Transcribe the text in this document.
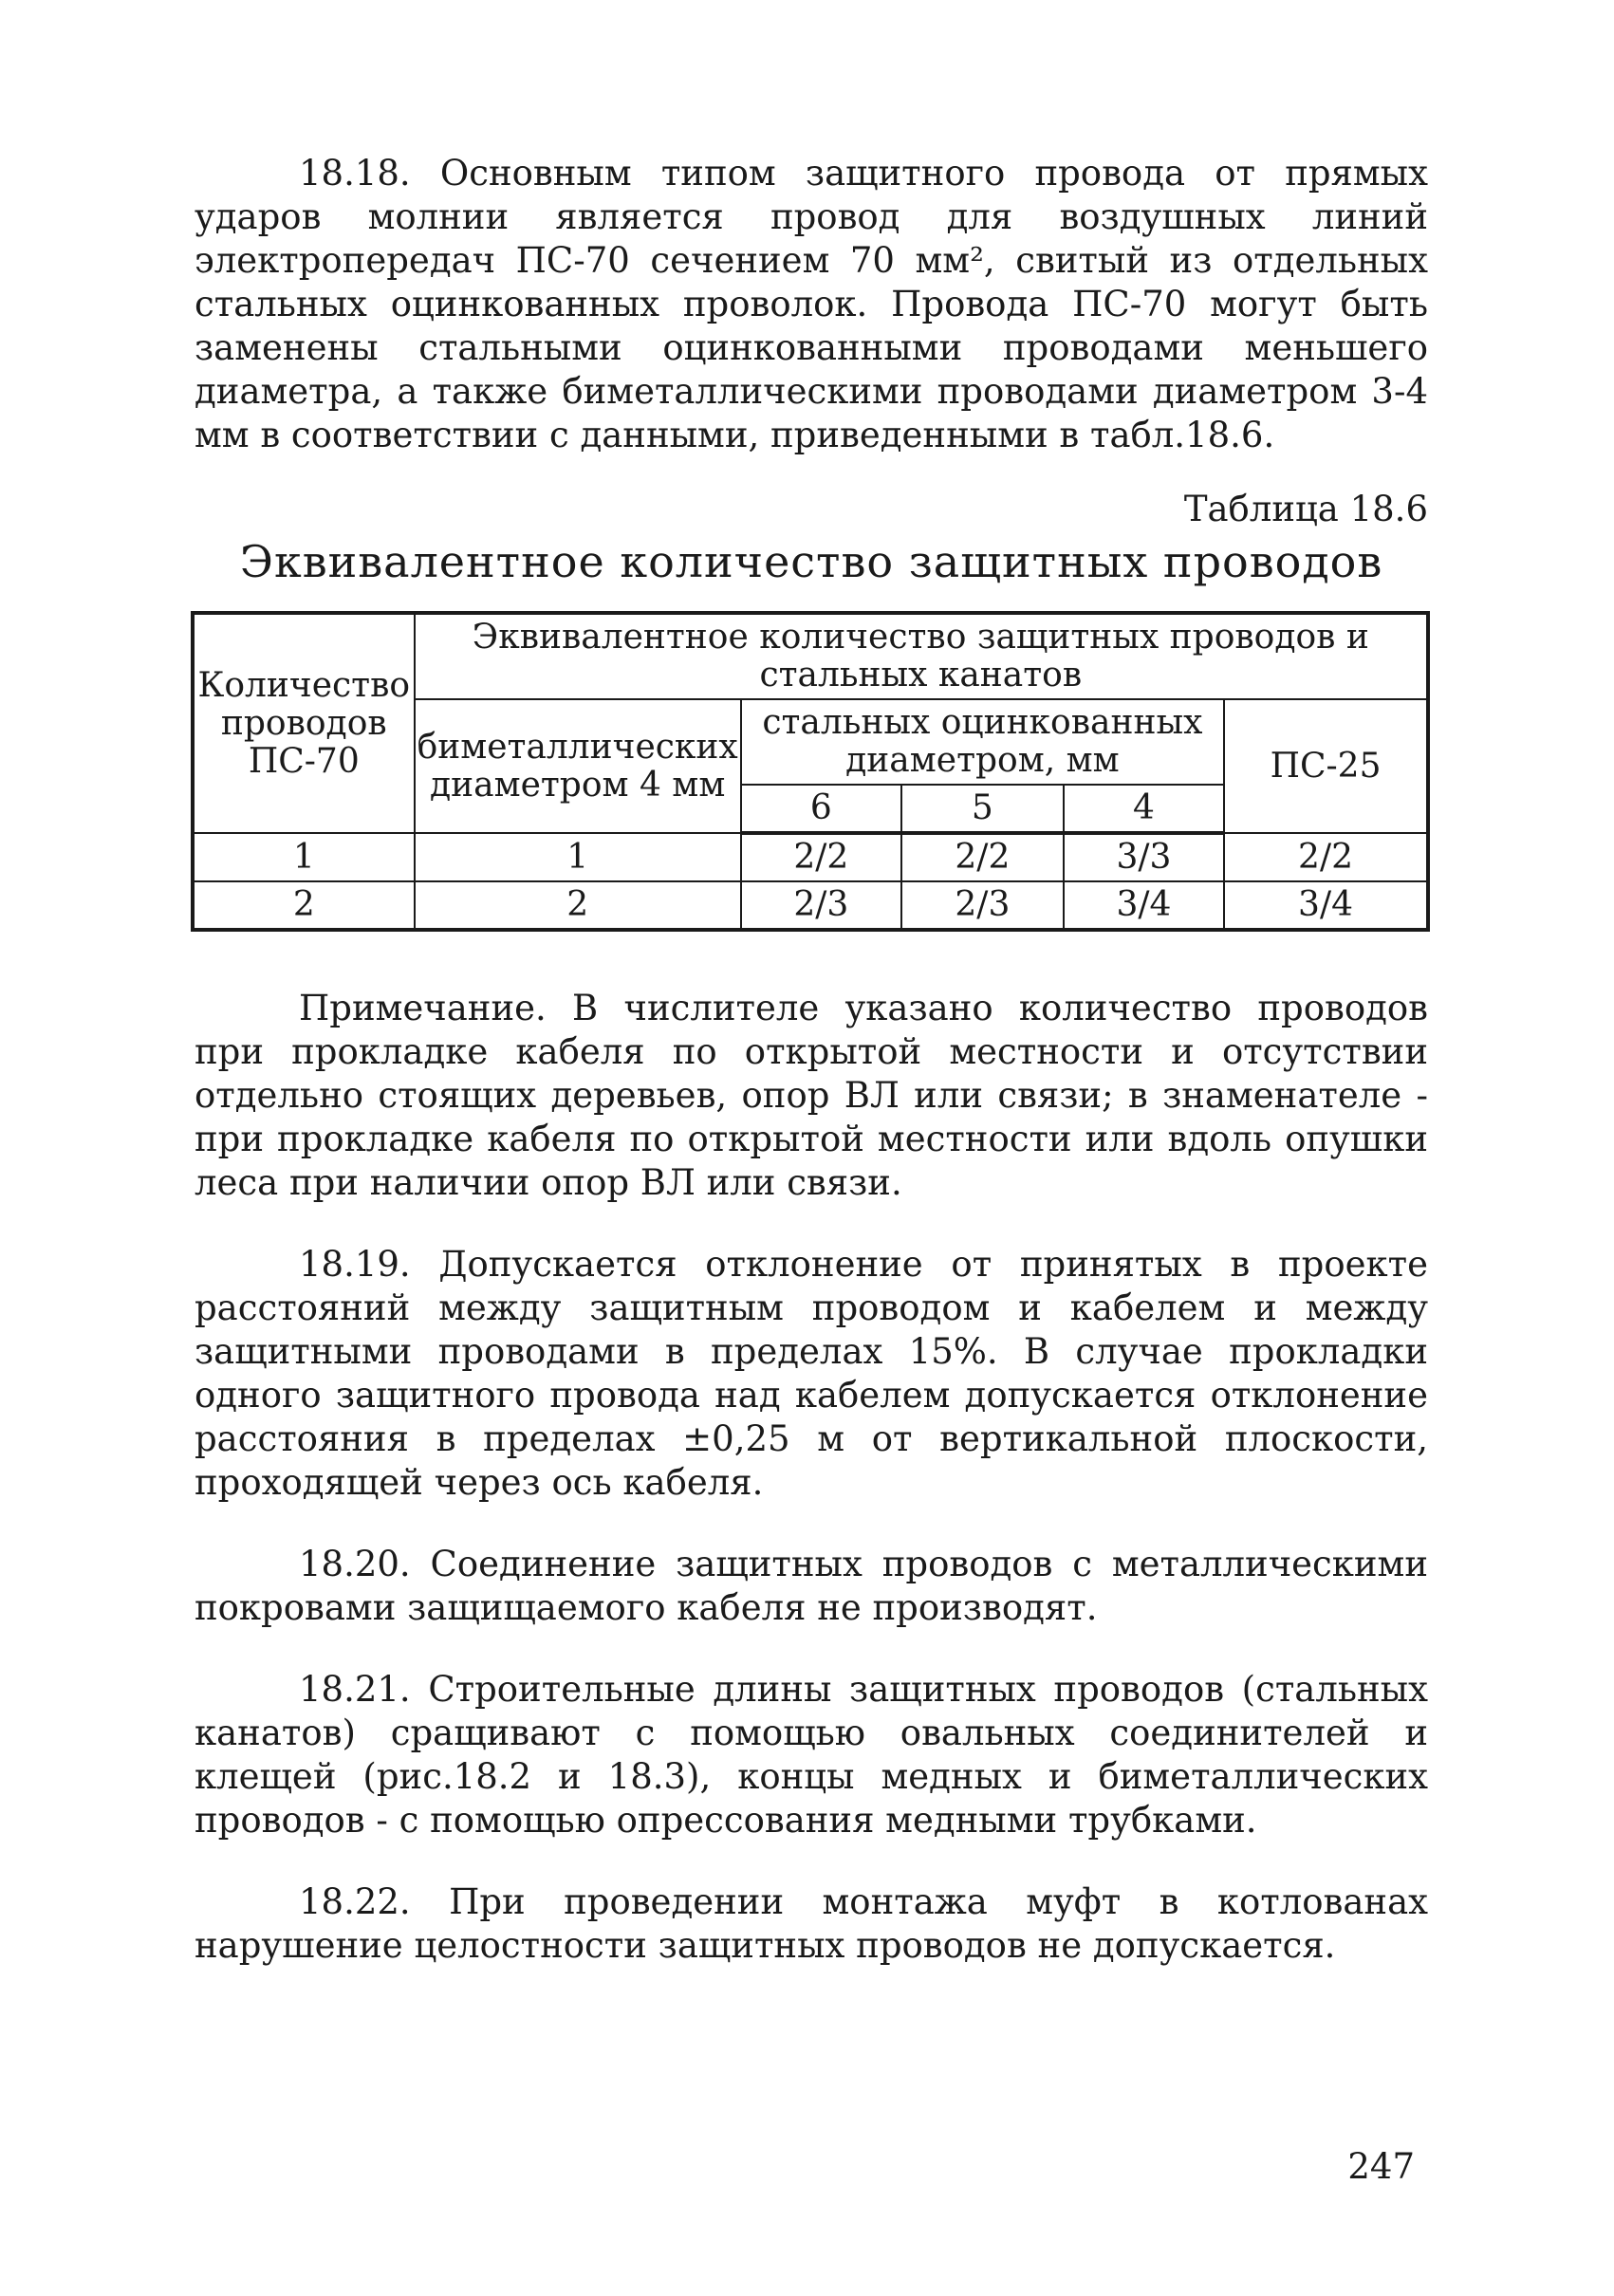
18.18. Основным типом защитного провода от прямых ударов молнии является провод для воздушных линий электропередач ПС-70 сечением 70 мм², свитый из отдельных стальных оцинкованных проволок. Провода ПС-70 могут быть заменены стальными оцинкованными проводами меньшего диаметра, а также биметаллическими проводами диаметром 3-4 мм в соответствии с данными, приведенными в табл.18.6.

Таблица 18.6
Эквивалентное количество защитных проводов
Количество проводов ПС-70	Эквивалентное количество защитных проводов и стальных канатов				
	биметаллических диаметром 4 мм	стальных оцинкованных диаметром, мм			ПС-25
		6	5	4	
1	1	2/2	2/2	3/3	2/2
2	2	2/3	2/3	3/4	3/4

Примечание. В числителе указано количество проводов при прокладке кабеля по открытой местности и отсутствии отдельно стоящих деревьев, опор ВЛ или связи; в знаменателе - при прокладке кабеля по открытой местности или вдоль опушки леса при наличии опор ВЛ или связи.

18.19. Допускается отклонение от принятых в проекте расстояний между защитным проводом и кабелем и между защитными проводами в пределах 15%. В случае прокладки одного защитного провода над кабелем допускается отклонение расстояния в пределах ±0,25 м от вертикальной плоскости, проходящей через ось кабеля.

18.20. Соединение защитных проводов с металлическими покровами защищаемого кабеля не производят.

18.21. Строительные длины защитных проводов (стальных канатов) сращивают с помощью овальных соединителей и клещей (рис.18.2 и 18.3), концы медных и биметаллических проводов - с помощью опрессования медными трубками.

18.22. При проведении монтажа муфт в котлованах нарушение целостности защитных проводов не допускается.

247
